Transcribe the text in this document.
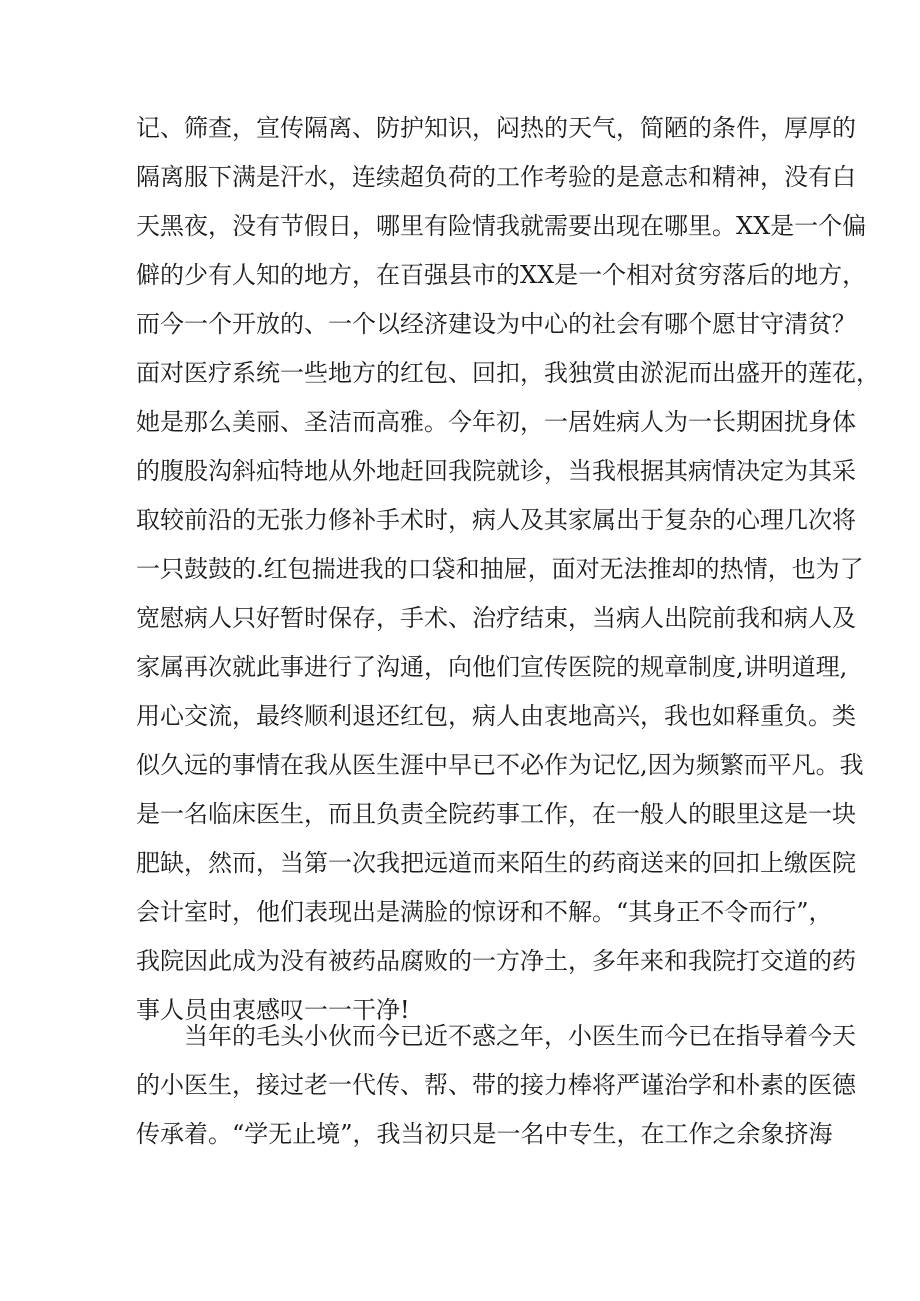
记、筛查，宣传隔离、防护知识，闷热的天气，简陋的条件，厚厚的
隔离服下满是汗水，连续超负荷的工作考验的是意志和精神，没有白
天黑夜，没有节假日，哪里有险情我就需要出现在哪里。XX是一个偏
僻的少有人知的地方，在百强县市的XX是一个相对贫穷落后的地方，
而今一个开放的、一个以经济建设为中心的社会有哪个愿甘守清贫？
面对医疗系统一些地方的红包、回扣，我独赏由淤泥而出盛开的莲花，
她是那么美丽、圣洁而高雅。今年初，一居姓病人为一长期困扰身体
的腹股沟斜疝特地从外地赶回我院就诊，当我根据其病情决定为其采
取较前沿的无张力修补手术时，病人及其家属出于复杂的心理几次将
一只鼓鼓的.红包揣进我的口袋和抽屉，面对无法推却的热情，也为了
宽慰病人只好暂时保存，手术、治疗结束，当病人出院前我和病人及
家属再次就此事进行了沟通，向他们宣传医院的规章制度,讲明道理,
用心交流，最终顺利退还红包，病人由衷地高兴，我也如释重负。类
似久远的事情在我从医生涯中早已不必作为记忆,因为频繁而平凡。我
是一名临床医生，而且负责全院药事工作，在一般人的眼里这是一块
肥缺，然而，当第一次我把远道而来陌生的药商送来的回扣上缴医院
会计室时，他们表现出是满脸的惊讶和不解。“其身正不令而行”，
我院因此成为没有被药品腐败的一方净土，多年来和我院打交道的药
事人员由衷感叹一一干净!
当年的毛头小伙而今已近不惑之年，小医生而今已在指导着今天
的小医生，接过老一代传、帮、带的接力棒将严谨治学和朴素的医德
传承着。“学无止境”，我当初只是一名中专生，在工作之余象挤海
